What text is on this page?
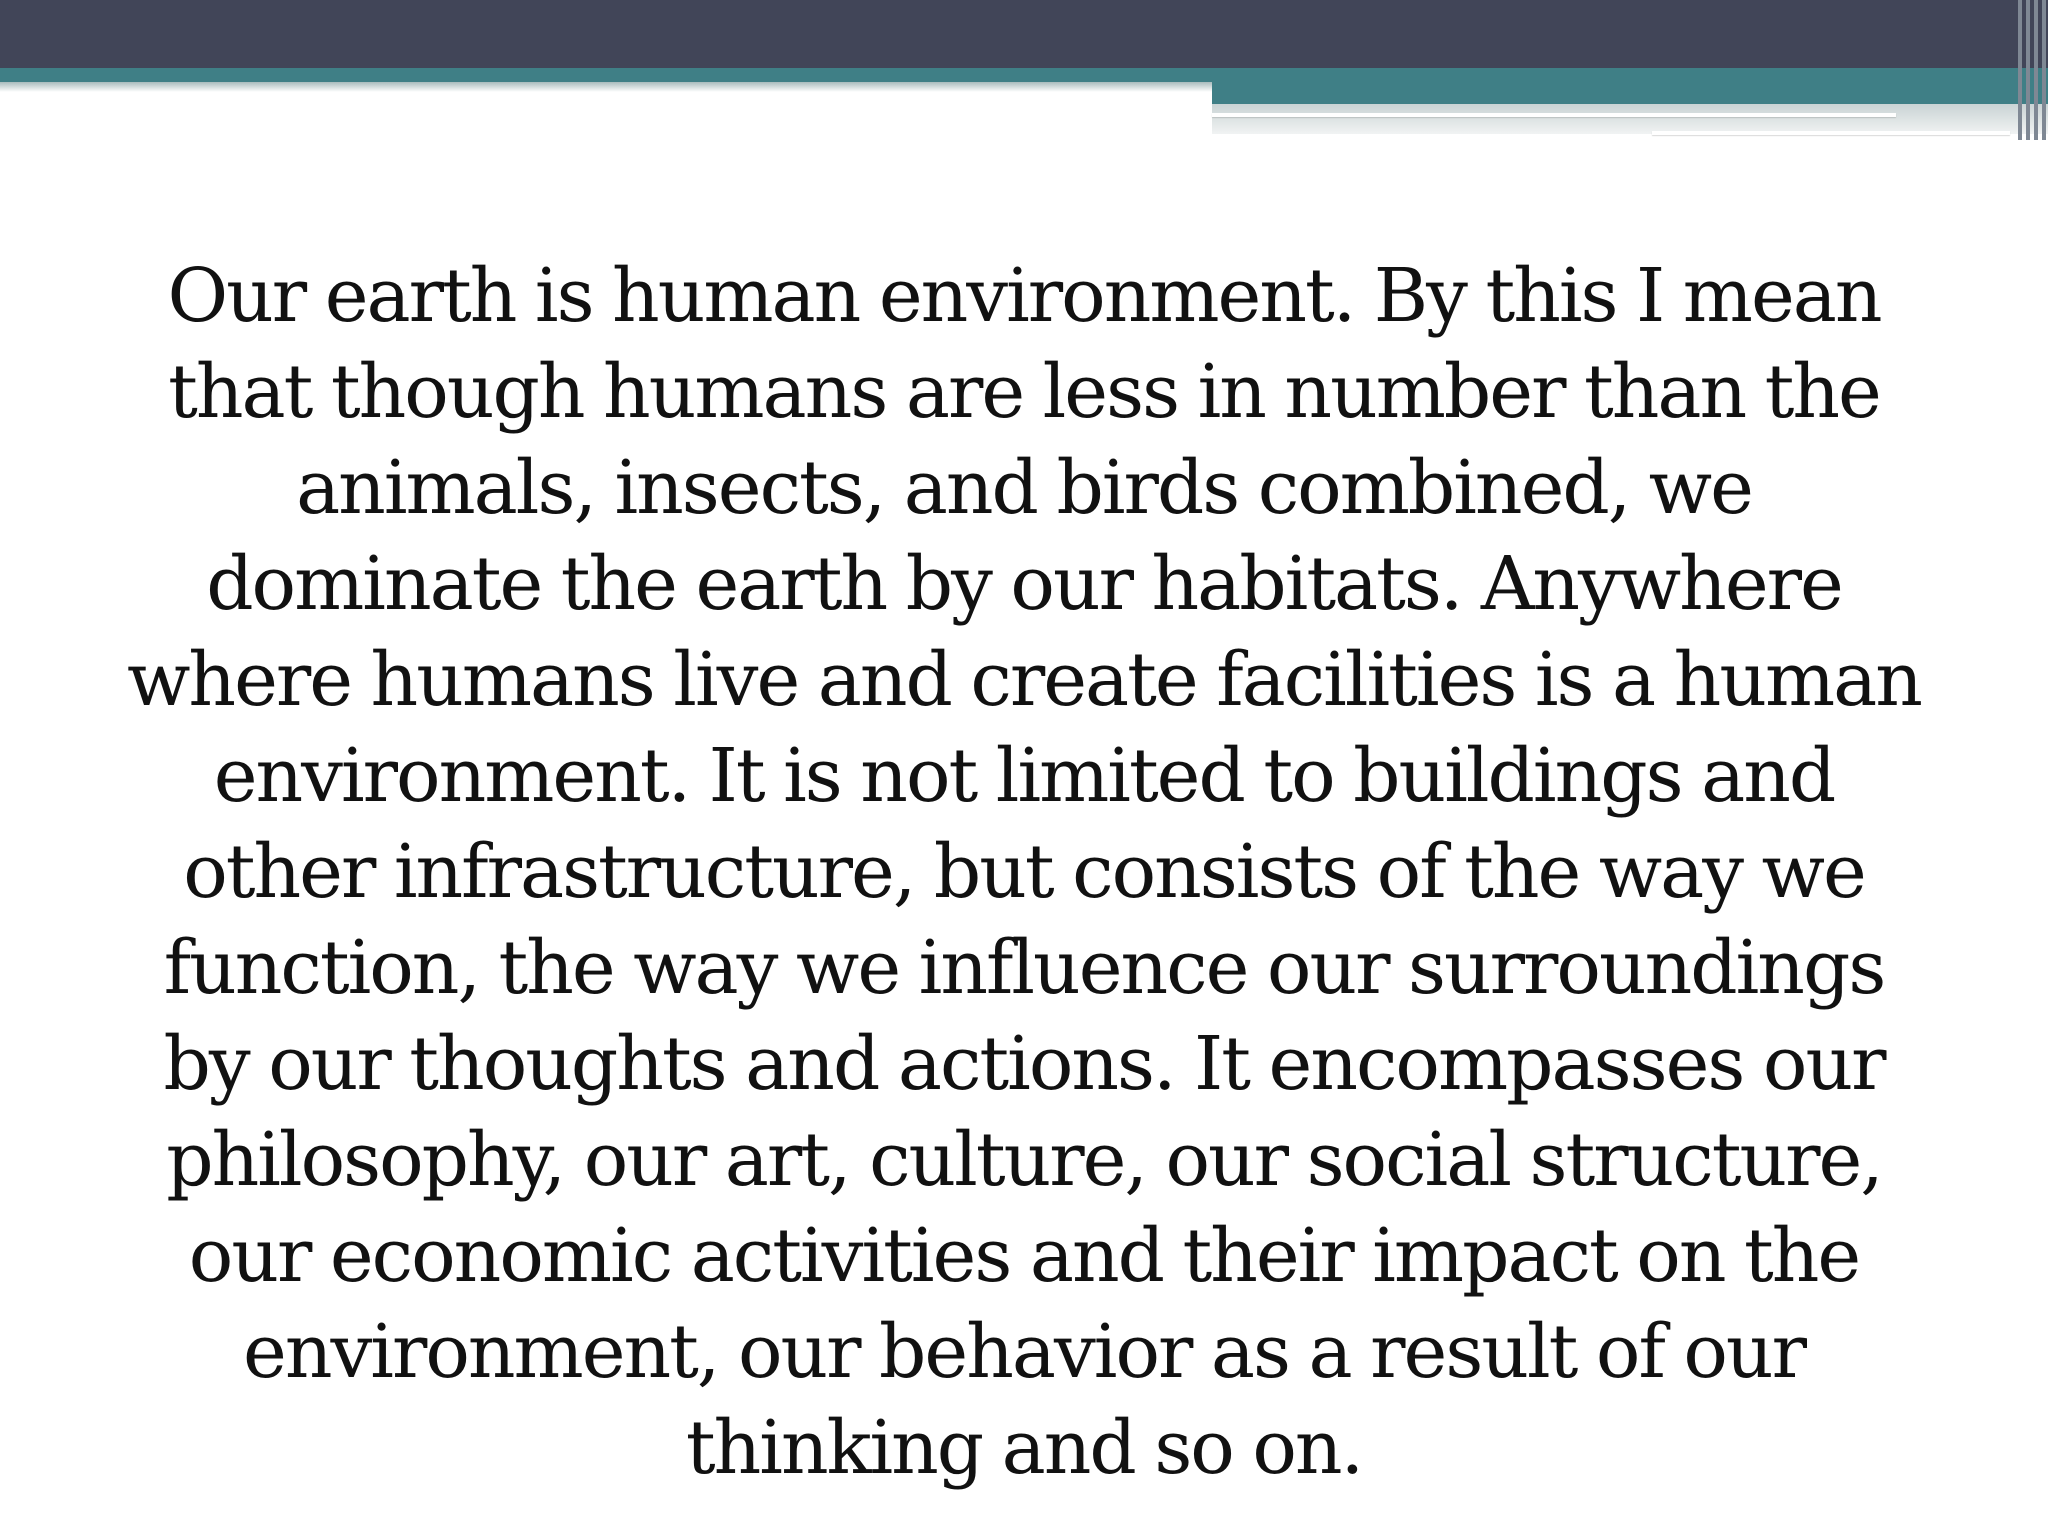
Our earth is human environment. By this I mean that though humans are less in number than the animals, insects, and birds combined, we dominate the earth by our habitats. Anywhere where humans live and create facilities is a human environment. It is not limited to buildings and other infrastructure, but consists of the way we function, the way we influence our surroundings by our thoughts and actions. It encompasses our philosophy, our art, culture, our social structure, our economic activities and their impact on the environment, our behavior as a result of our thinking and so on.
